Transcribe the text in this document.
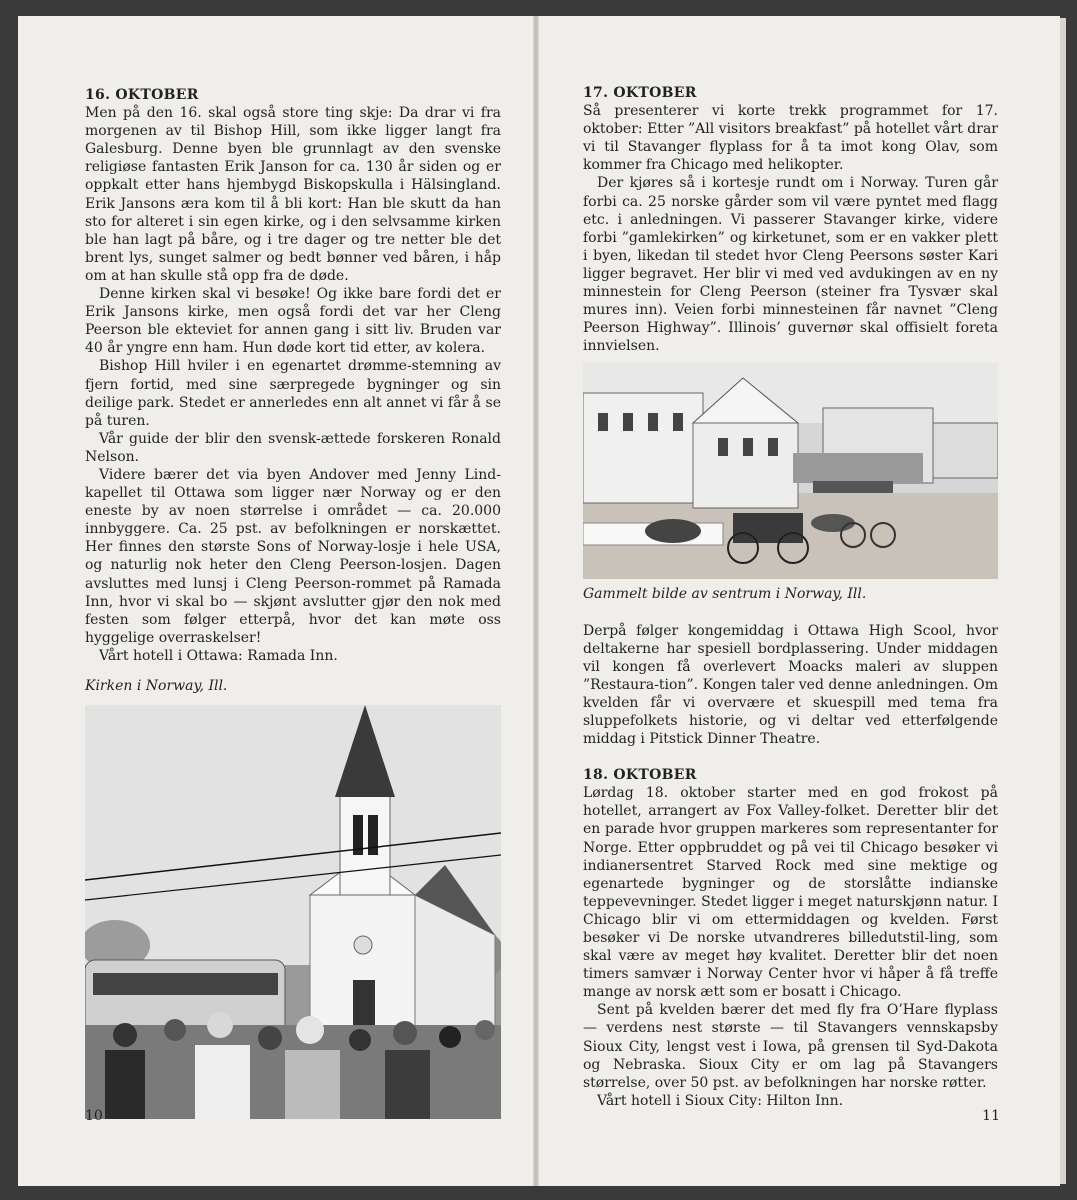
16. OKTOBER

Men på den 16. skal også store ting skje: Da drar vi fra morgenen av til Bishop Hill, som ikke ligger langt fra Galesburg. Denne byen ble grunnlagt av den svenske religiøse fantasten Erik Janson for ca. 130 år siden og er oppkalt etter hans hjembygd Biskopskulla i Hälsingland. Erik Jansons æra kom til å bli kort: Han ble skutt da han sto for alteret i sin egen kirke, og i den selvsamme kirken ble han lagt på båre, og i tre dager og tre netter ble det brent lys, sunget salmer og bedt bønner ved båren, i håp om at han skulle stå opp fra de døde.

Denne kirken skal vi besøke! Og ikke bare fordi det er Erik Jansons kirke, men også fordi det var her Cleng Peerson ble ekteviet for annen gang i sitt liv. Bruden var 40 år yngre enn ham. Hun døde kort tid etter, av kolera.

Bishop Hill hviler i en egenartet drømme-stemning av fjern fortid, med sine særpregede bygninger og sin deilige park. Stedet er annerledes enn alt annet vi får å se på turen.

Vår guide der blir den svensk-ættede forskeren Ronald Nelson.

Videre bærer det via byen Andover med Jenny Lind-kapellet til Ottawa som ligger nær Norway og er den eneste by av noen størrelse i området — ca. 20.000 innbyggere. Ca. 25 pst. av befolkningen er norskættet. Her finnes den største Sons of Norway-losje i hele USA, og naturlig nok heter den Cleng Peerson-losjen. Dagen avsluttes med lunsj i Cleng Peerson-rommet på Ramada Inn, hvor vi skal bo — skjønt avslutter gjør den nok med festen som følger etterpå, hvor det kan møte oss hyggelige overraskelser!

Vårt hotell i Ottawa: Ramada Inn.

Kirken i Norway, Ill.
10
17. OKTOBER

Så presenterer vi korte trekk programmet for 17. oktober: Etter ”All visitors breakfast” på hotellet vårt drar vi til Stavanger flyplass for å ta imot kong Olav, som kommer fra Chicago med helikopter.

Der kjøres så i kortesje rundt om i Norway. Turen går forbi ca. 25 norske gårder som vil være pyntet med flagg etc. i anledningen. Vi passerer Stavanger kirke, videre forbi ”gamlekirken” og kirketunet, som er en vakker plett i byen, likedan til stedet hvor Cleng Peersons søster Kari ligger begravet. Her blir vi med ved avdukingen av en ny minnestein for Cleng Peerson (steiner fra Tysvær skal mures inn). Veien forbi minnesteinen får navnet ”Cleng Peerson Highway”. Illinois’ guvernør skal offisielt foreta innvielsen.

Gammelt bilde av sentrum i Norway, Ill.

Derpå følger kongemiddag i Ottawa High Scool, hvor deltakerne har spesiell bordplassering. Under middagen vil kongen få overlevert Moacks maleri av sluppen ”Restaura-tion”. Kongen taler ved denne anledningen. Om kvelden får vi overvære et skuespill med tema fra sluppefolkets historie, og vi deltar ved etterfølgende middag i Pitstick Dinner Theatre.

18. OKTOBER

Lørdag 18. oktober starter med en god frokost på hotellet, arrangert av Fox Valley-folket. Deretter blir det en parade hvor gruppen markeres som representanter for Norge. Etter oppbruddet og på vei til Chicago besøker vi indianersentret Starved Rock med sine mektige og egenartede bygninger og de storslåtte indianske teppevevninger. Stedet ligger i meget naturskjønn natur. I Chicago blir vi om ettermiddagen og kvelden. Først besøker vi De norske utvandreres billedutstil-ling, som skal være av meget høy kvalitet. Deretter blir det noen timers samvær i Norway Center hvor vi håper å få treffe mange av norsk ætt som er bosatt i Chicago.

Sent på kvelden bærer det med fly fra O’Hare flyplass — verdens nest største — til Stavangers vennskapsby Sioux City, lengst vest i Iowa, på grensen til Syd-Dakota og Nebraska. Sioux City er om lag på Stavangers størrelse, over 50 pst. av befolkningen har norske røtter.

Vårt hotell i Sioux City: Hilton Inn.

11
